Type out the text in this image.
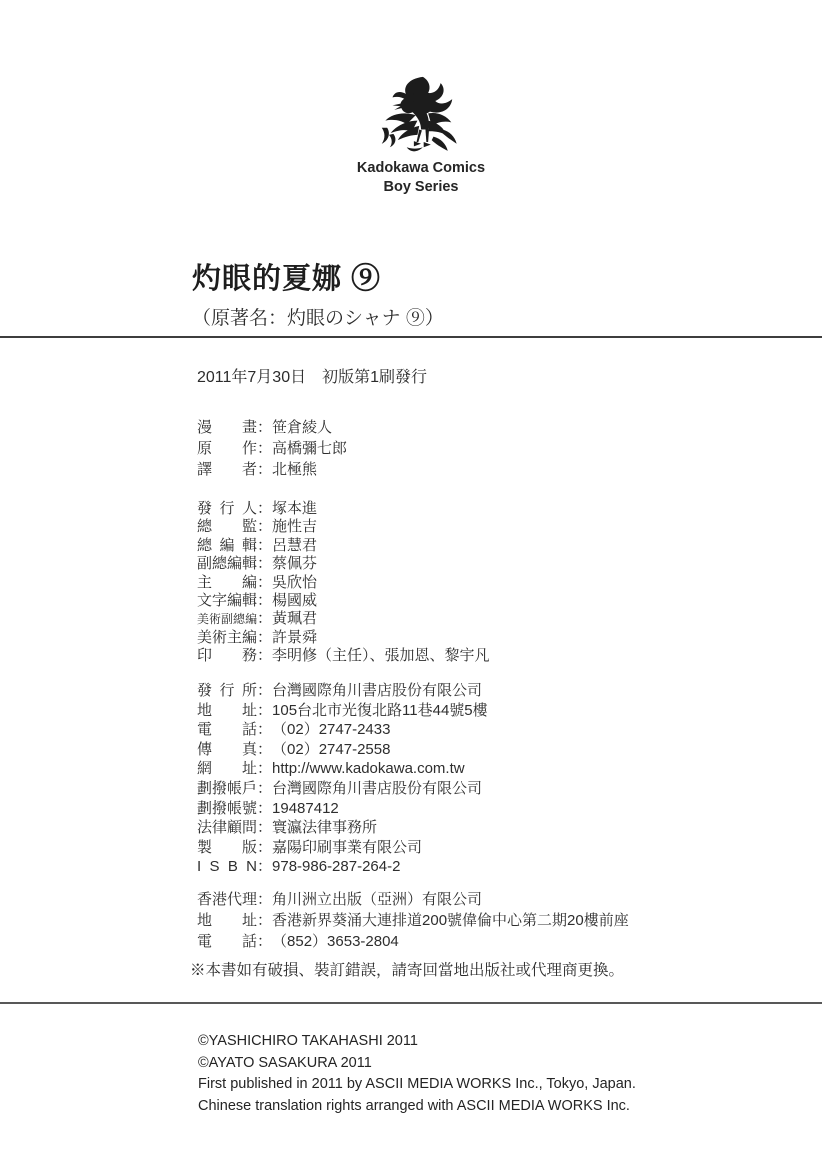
Kadokawa Comics
Boy Series
灼眼的夏娜 ⑨
（原著名：灼眼のシャナ ⑨）
2011年7月30日　初版第1刷發行
漫 畫 ： 笹倉綾人
原 作 ： 高橋彌七郎
譯 者 ： 北極熊
發 行 人 ： 塚本進
總 監 ： 施性吉
總 編 輯 ： 呂慧君
副 總 編 輯 ： 蔡佩芬
主 編 ： 吳欣怡
文 字 編 輯 ： 楊國威
美 術 副 總 編 ： 黃珮君
美 術 主 編 ： 許景舜
印 務 ： 李明修（主任）、張加恩、黎宇凡
發 行 所 ： 台灣國際角川書店股份有限公司
地 址 ： 105台北市光復北路11巷44號5樓
電 話 ： （02）2747-2433
傳 真 ： （02）2747-2558
網 址 ： http://www.kadokawa.com.tw
劃 撥 帳 戶 ： 台灣國際角川書店股份有限公司
劃 撥 帳 號 ： 19487412
法 律 顧 問 ： 寰瀛法律事務所
製 版 ： 嘉陽印刷事業有限公司
I S B N ： 978-986-287-264-2
香 港 代 理 ： 角川洲立出版（亞洲）有限公司
地 址 ： 香港新界葵涌大連排道200號偉倫中心第二期20樓前座
電 話 ： （852）3653-2804
※本書如有破損、裝訂錯誤，請寄回當地出版社或代理商更換。
©YASHICHIRO TAKAHASHI 2011
©AYATO SASAKURA 2011
First published in 2011 by ASCII MEDIA WORKS Inc., Tokyo, Japan.
Chinese translation rights arranged with ASCII MEDIA WORKS Inc.
